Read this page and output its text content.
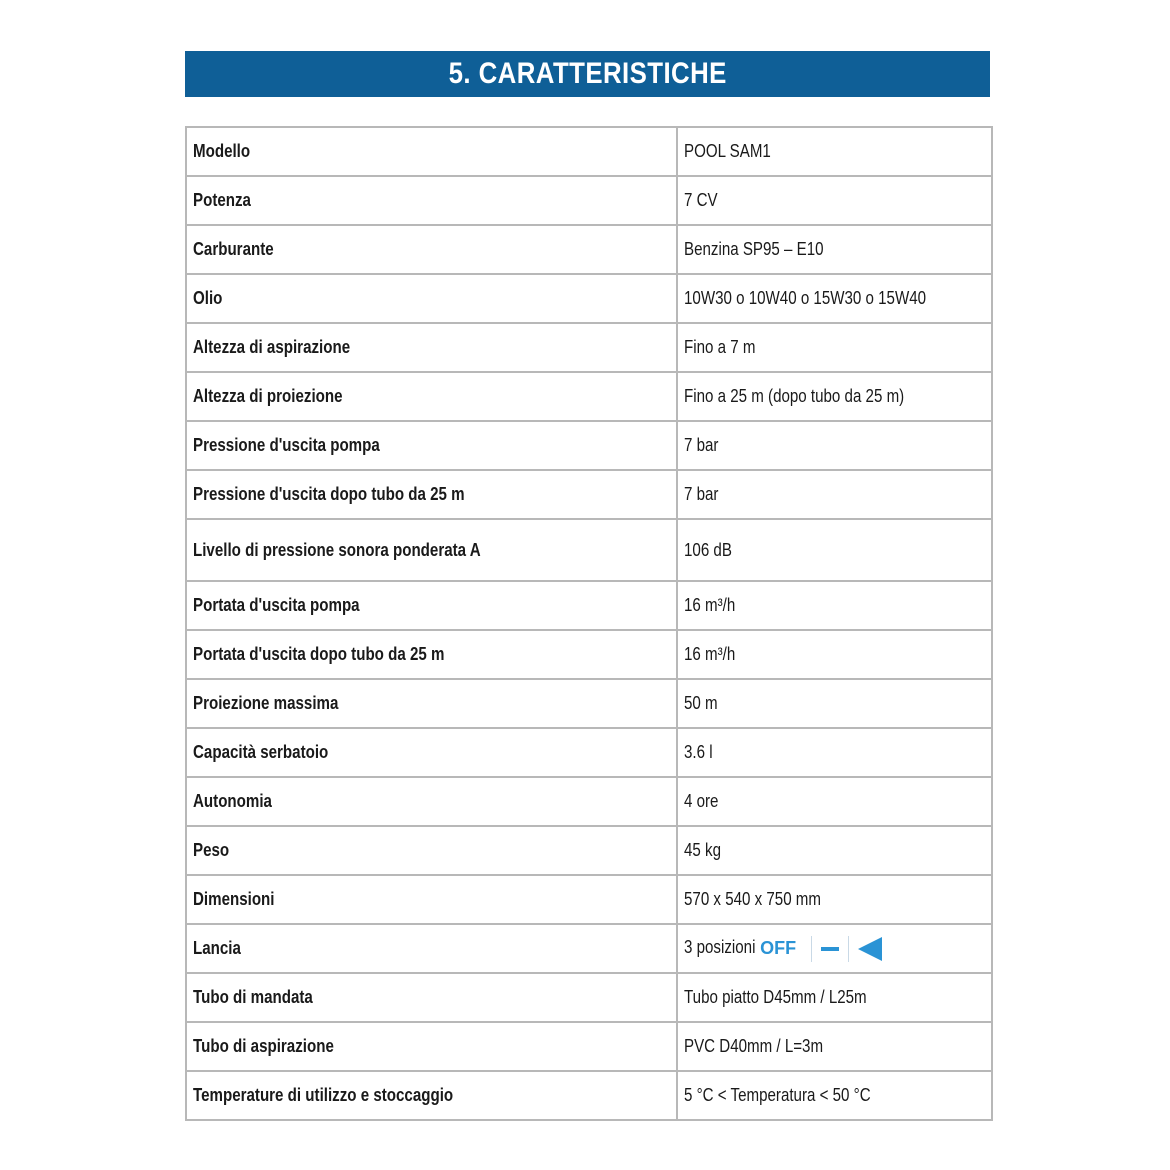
5. CARATTERISTICHE
Modello	POOL SAM1
Potenza	7 CV
Carburante	Benzina SP95 – E10
Olio	10W30 o 10W40 o 15W30 o 15W40
Altezza di aspirazione	Fino a 7 m
Altezza di proiezione	Fino a 25 m (dopo tubo da 25 m)
Pressione d'uscita pompa	7 bar
Pressione d'uscita dopo tubo da 25 m	7 bar
Livello di pressione sonora ponderata A	106 dB
Portata d'uscita pompa	16 m³/h
Portata d'uscita dopo tubo da 25 m	16 m³/h
Proiezione massima	50 m
Capacità serbatoio	3.6 l
Autonomia	4 ore
Peso	45 kg
Dimensioni	570 x 540 x 750 mm
Lancia	3 posizioni OFF

Tubo di mandata	Tubo piatto D45mm / L25m
Tubo di aspirazione	PVC D40mm / L=3m
Temperature di utilizzo e stoccaggio	5 °C < Temperatura < 50 °C
